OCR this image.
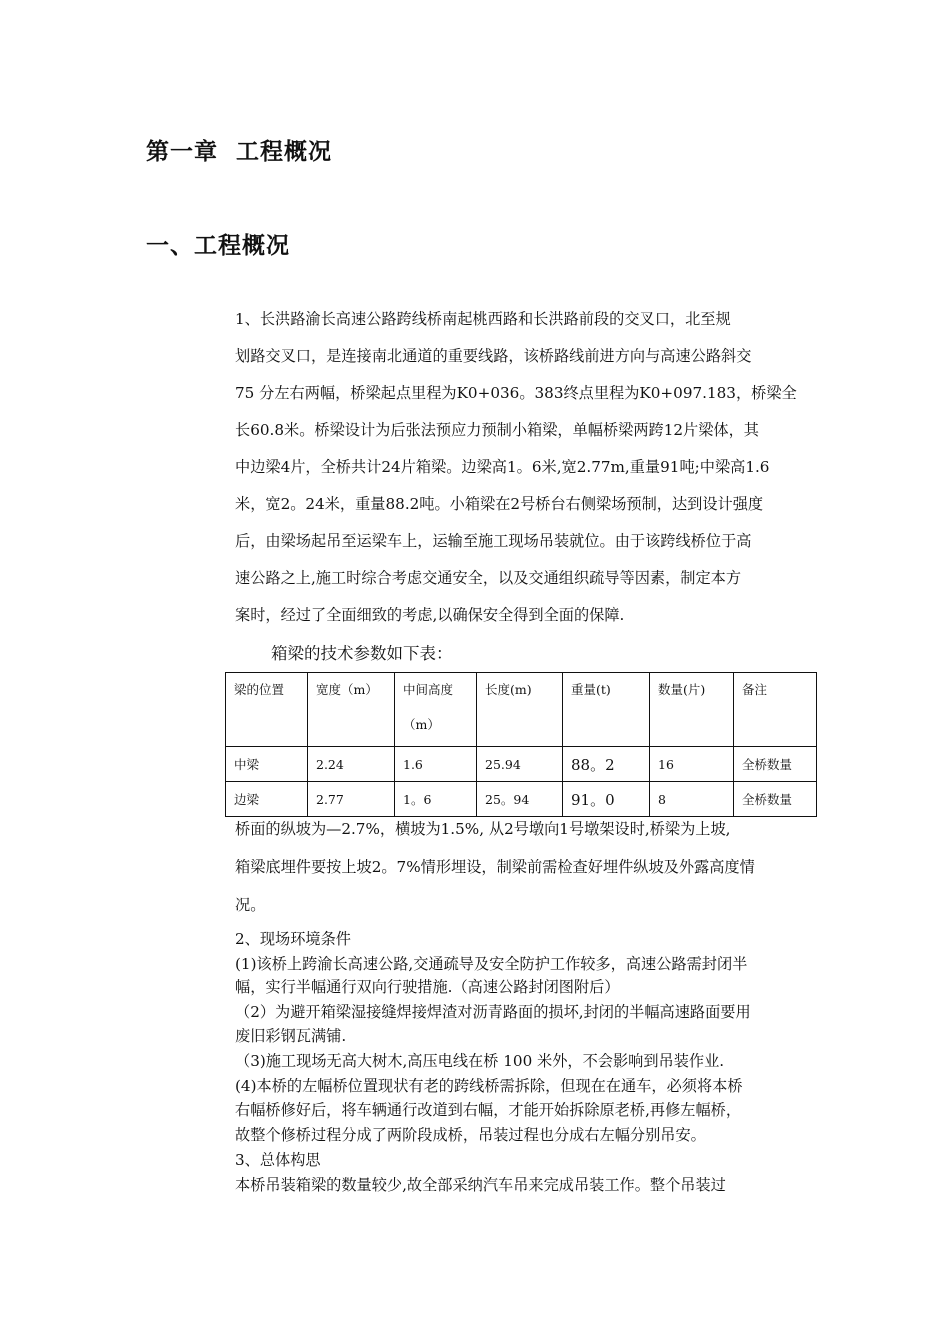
第一章  工程概况
一、工程概况

1、长洪路渝长高速公路跨线桥南起桃西路和长洪路前段的交叉口，北至规

划路交叉口，是连接南北通道的重要线路，该桥路线前进方向与高速公路斜交

75 分左右两幅，桥梁起点里程为K0+036。383终点里程为K0+097.183，桥梁全

长60.8米。桥梁设计为后张法预应力预制小箱梁，单幅桥梁两跨12片梁体，其

中边梁4片，全桥共计24片箱梁。边梁高1。6米,宽2.77m,重量91吨;中梁高1.6

米，宽2。24米，重量88.2吨。小箱梁在2号桥台右侧梁场预制，达到设计强度

后，由梁场起吊至运梁车上，运输至施工现场吊装就位。由于该跨线桥位于高

速公路之上,施工时综合考虑交通安全，以及交通组织疏导等因素，制定本方

案时，经过了全面细致的考虑,以确保安全得到全面的保障.

箱梁的技术参数如下表：

梁的位置	宽度（m）	中间高度
（m）	长度(m)	重量(t)	数量(片)	备注
中梁	2.24	1.6	25.94	88。2	16	全桥数量
边梁	2.77	1。6	25。94	91。0	8	全桥数量

桥面的纵坡为—2.7%，横坡为1.5%, 从2号墩向1号墩架设时,桥梁为上坡,

箱梁底埋件要按上坡2。7%情形埋设，制梁前需检查好埋件纵坡及外露高度情

况。

2、现场环境条件

(1)该桥上跨渝长高速公路,交通疏导及安全防护工作较多，高速公路需封闭半

幅，实行半幅通行双向行驶措施.（高速公路封闭图附后）

（2）为避开箱梁湿接缝焊接焊渣对沥青路面的损坏,封闭的半幅高速路面要用

废旧彩钢瓦满铺.

（3)施工现场无高大树木,高压电线在桥 100 米外，不会影响到吊装作业.

(4)本桥的左幅桥位置现状有老的跨线桥需拆除，但现在在通车，必须将本桥

右幅桥修好后，将车辆通行改道到右幅，才能开始拆除原老桥,再修左幅桥，

故整个修桥过程分成了两阶段成桥，吊装过程也分成右左幅分别吊安。

3、总体构思

本桥吊装箱梁的数量较少,故全部采纳汽车吊来完成吊装工作。整个吊装过
